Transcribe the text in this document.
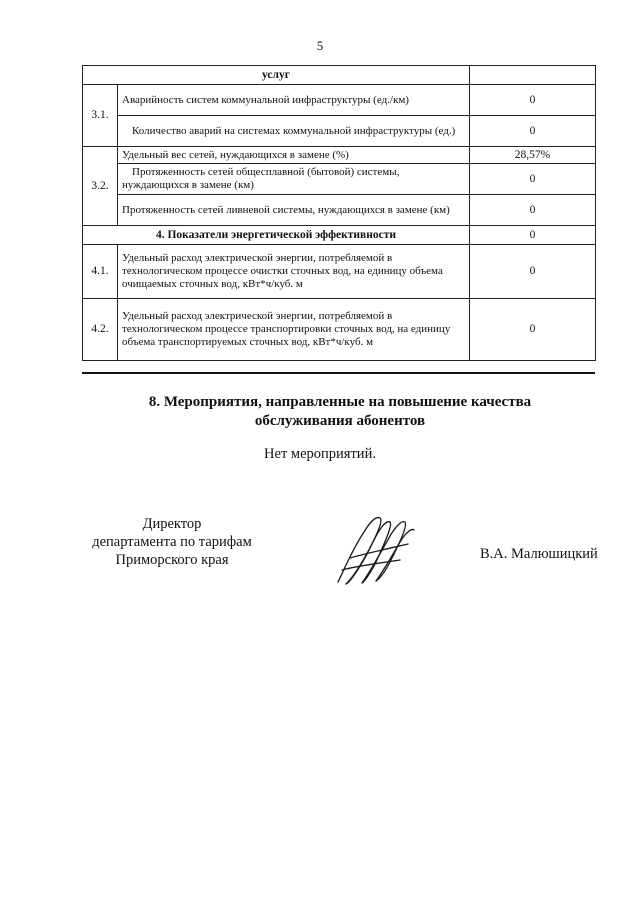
5
услуг		
3.1.	Аварийность систем коммунальной инфраструктуры (ед./км)	0
	Количество аварий на системах коммунальной инфраструктуры (ед.)	0
3.2.	Удельный вес сетей, нуждающихся в замене (%)	28,57%
	Протяженность сетей общесплавной (бытовой) системы, нуждающихся в замене (км)	0
	Протяженность сетей ливневой системы, нуждающихся в замене (км)	0
4. Показатели энергетической эффективности		0
4.1.	Удельный расход электрической энергии, потребляемой в технологическом процессе очистки сточных вод, на единицу объема очищаемых сточных вод, кВт*ч/куб. м	0
4.2.	Удельный расход электрической энергии, потребляемой в технологическом процессе транспортировки сточных вод, на единицу объема транспортируемых сточных вод, кВт*ч/куб. м	0
8. Мероприятия, направленные на повышение качества
обслуживания абонентов
Нет мероприятий.
Директор
департамента по тарифам
Приморского края	В.А. Малюшицкий
